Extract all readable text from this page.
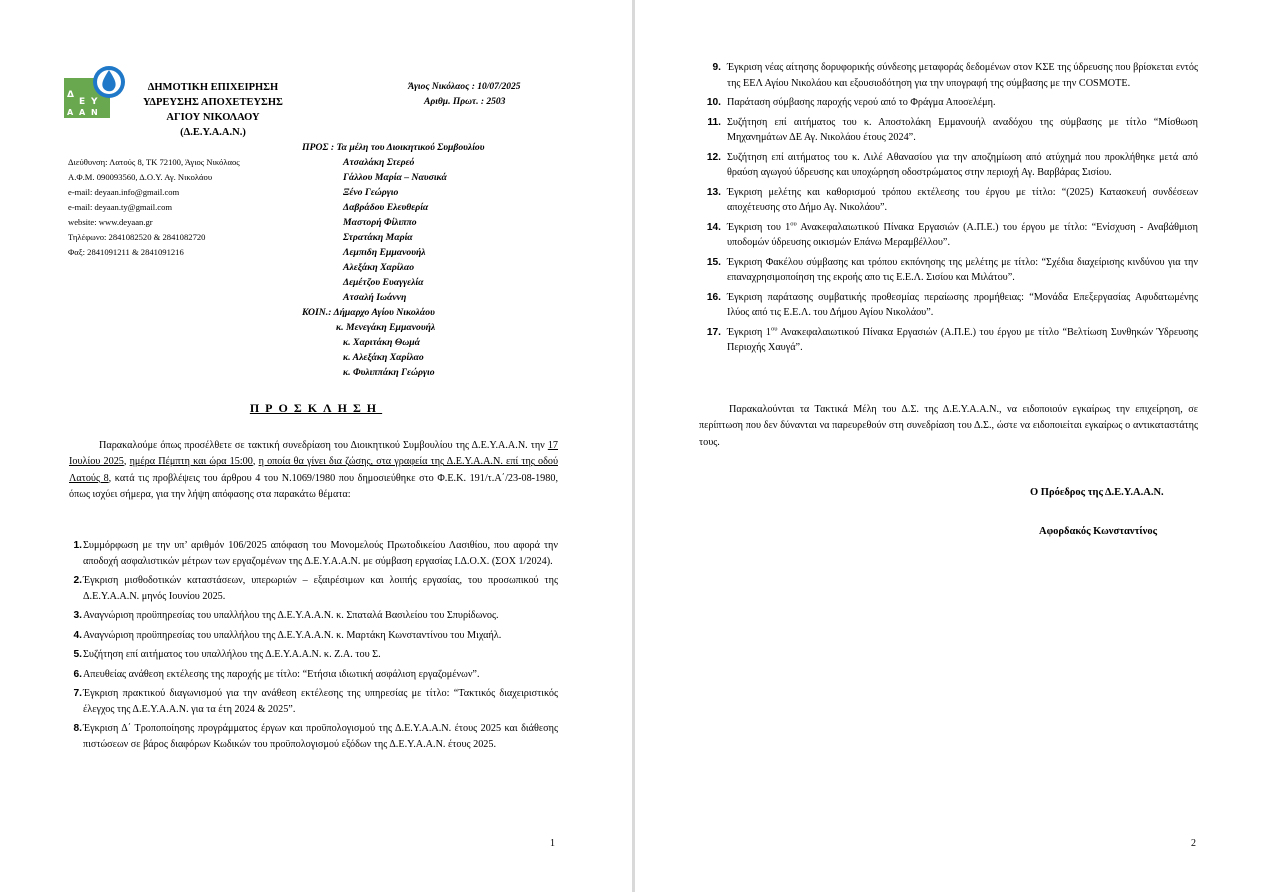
Δ
Ε Υ
Α Α Ν
ΔΗΜΟΤΙΚΗ ΕΠΙΧΕΙΡΗΣΗ
ΥΔΡΕΥΣΗΣ ΑΠΟΧΕΤΕΥΣΗΣ
ΑΓΙΟΥ ΝΙΚΟΛΑΟΥ
(Δ.Ε.Υ.Α.Α.Ν.)
Άγιος Νικόλαος : 10/07/2025
Αριθμ. Πρωτ. : 2503
Διεύθυνση: Λατούς 8, ΤΚ 72100, Άγιος Νικόλαος
Α.Φ.Μ. 090093560, Δ.Ο.Υ. Αγ. Νικολάου
e-mail: deyaan.info@gmail.com
e-mail: deyaan.ty@gmail.com
website: www.deyaan.gr
Τηλέφωνο: 2841082520 & 2841082720
Φαξ: 2841091211 & 2841091216
ΠΡΟΣ : Τα μέλη του Διοικητικού Συμβουλίου
Ατσαλάκη Στερεό
Γάλλου Μαρία – Ναυσικά
Ξένο Γεώργιο
Δαβράδου Ελευθερία
Μαστορή Φίλιππο
Στρατάκη Μαρία
Λεμπιδη Εμμανουήλ
Αλεξάκη Χαρίλαο
Δεμέτζου Ευαγγελία
Ατσαλή Ιωάννη
ΚΟΙΝ.: Δήμαρχο Αγίου Νικολάου
κ. Μενεγάκη Εμμανουήλ
κ. Χαριτάκη Θωμά
κ. Αλεξάκη Χαρίλαο
κ. Φυλιππάκη Γεώργιο
ΠΡΟΣΚΛΗΣΗ
Παρακαλούμε όπως προσέλθετε σε τακτική συνεδρίαση του Διοικητικού Συμβουλίου της Δ.Ε.Υ.Α.Α.Ν. την 17 Ιουλίου 2025, ημέρα Πέμπτη και ώρα 15:00, η οποία θα γίνει δια ζώσης, στα γραφεία της Δ.Ε.Υ.Α.Α.Ν. επί της οδού Λατούς 8, κατά τις προβλέψεις του άρθρου 4 του Ν.1069/1980 που δημοσιεύθηκε στο Φ.Ε.Κ. 191/τ.Α΄/23-08-1980, όπως ισχύει σήμερα, για την λήψη απόφασης στα παρακάτω θέματα:
1. Συμμόρφωση με την υπ’ αριθμόν 106/2025 απόφαση του Μονομελούς Πρωτοδικείου Λασιθίου, που αφορά την αποδοχή ασφαλιστικών μέτρων των εργαζομένων της Δ.Ε.Υ.Α.Α.Ν. με σύμβαση εργασίας Ι.Δ.Ο.Χ. (ΣΟΧ 1/2024).
2. Έγκριση μισθοδοτικών καταστάσεων, υπερωριών – εξαιρέσιμων και λοιπής εργασίας, του προσωπικού της Δ.Ε.Υ.Α.Α.Ν. μηνός Ιουνίου 2025.
3. Αναγνώριση προϋπηρεσίας του υπαλλήλου της Δ.Ε.Υ.Α.Α.Ν. κ. Σπαταλά Βασιλείου του Σπυρίδωνος.
4. Αναγνώριση προϋπηρεσίας του υπαλλήλου της Δ.Ε.Υ.Α.Α.Ν. κ. Μαρτάκη Κωνσταντίνου του Μιχαήλ.
5. Συζήτηση επί αιτήματος του υπαλλήλου της Δ.Ε.Υ.Α.Α.Ν. κ. Ζ.Α. του Σ.
6. Απευθείας ανάθεση εκτέλεσης της παροχής με τίτλο: “Ετήσια ιδιωτική ασφάλιση εργαζομένων”.
7. Έγκριση πρακτικού διαγωνισμού για την ανάθεση εκτέλεσης της υπηρεσίας με τίτλο: “Τακτικός διαχειριστικός έλεγχος της Δ.Ε.Υ.Α.Α.Ν. για τα έτη 2024 & 2025”.
8. Έγκριση Δ΄ Τροποποίησης προγράμματος έργων και προϋπολογισμού της Δ.Ε.Υ.Α.Α.Ν. έτους 2025 και διάθεσης πιστώσεων σε βάρος διαφόρων Κωδικών του προϋπολογισμού εξόδων της Δ.Ε.Υ.Α.Α.Ν. έτους 2025.
1
9. Έγκριση νέας αίτησης δορυφορικής σύνδεσης μεταφοράς δεδομένων στον ΚΣΕ της ύδρευσης που βρίσκεται εντός της ΕΕΛ Αγίου Νικολάου και εξουσιοδότηση για την υπογραφή της σύμβασης με την COSMOTE.
10. Παράταση σύμβασης παροχής νερού από το Φράγμα Αποσελέμη.
11. Συζήτηση επί αιτήματος του κ. Αποστολάκη Εμμανουήλ αναδόχου της σύμβασης με τίτλο “Μίσθωση Μηχανημάτων ΔΕ Αγ. Νικολάου έτους 2024”.
12. Συζήτηση επί αιτήματος του κ. Λιλέ Αθανασίου για την αποζημίωση από ατύχημά που προκλήθηκε μετά από θραύση αγωγού ύδρευσης και υποχώρηση οδοστρώματος στην περιοχή Αγ. Βαρβάρας Σισίου.
13. Έγκριση μελέτης και καθορισμού τρόπου εκτέλεσης του έργου με τίτλο: “(2025) Κατασκευή συνδέσεων αποχέτευσης στο Δήμο Αγ. Νικολάου”.
14. Έγκριση του $1^{o\upsilon}$ Ανακεφαλαιωτικού Πίνακα Εργασιών (Α.Π.Ε.) του έργου με τίτλο: “Ενίσχυση - Αναβάθμιση υποδομών ύδρευσης οικισμών Επάνω Μεραμβέλλου”.
15. Έγκριση Φακέλου σύμβασης και τρόπου εκπόνησης της μελέτης με τίτλο: “Σχέδια διαχείρισης κινδύνου για την επαναχρησιμοποίηση της εκροής απο τις Ε.Ε.Λ. Σισίου και Μιλάτου”.
16. Έγκριση παράτασης συμβατικής προθεσμίας περαίωσης προμήθειας: “Μονάδα Επεξεργασίας Αφυδατωμένης Ιλύος από τις Ε.Ε.Λ. του Δήμου Αγίου Νικολάου”.
17. Έγκριση $1^{o\upsilon}$ Ανακεφαλαιωτικού Πίνακα Εργασιών (Α.Π.Ε.) του έργου με τίτλο “Βελτίωση Συνθηκών Ύδρευσης Περιοχής Χαυγά”.
Παρακαλούνται τα Τακτικά Μέλη του Δ.Σ. της Δ.Ε.Υ.Α.Α.Ν., να ειδοποιούν εγκαίρως την επιχείρηση, σε περίπτωση που δεν δύνανται να παρευρεθούν στη συνεδρίαση του Δ.Σ., ώστε να ειδοποιείται εγκαίρως ο αντικαταστάτης τους.
Ο Πρόεδρος της Δ.Ε.Υ.Α.Α.Ν.
Αφορδακός Κωνσταντίνος
2
